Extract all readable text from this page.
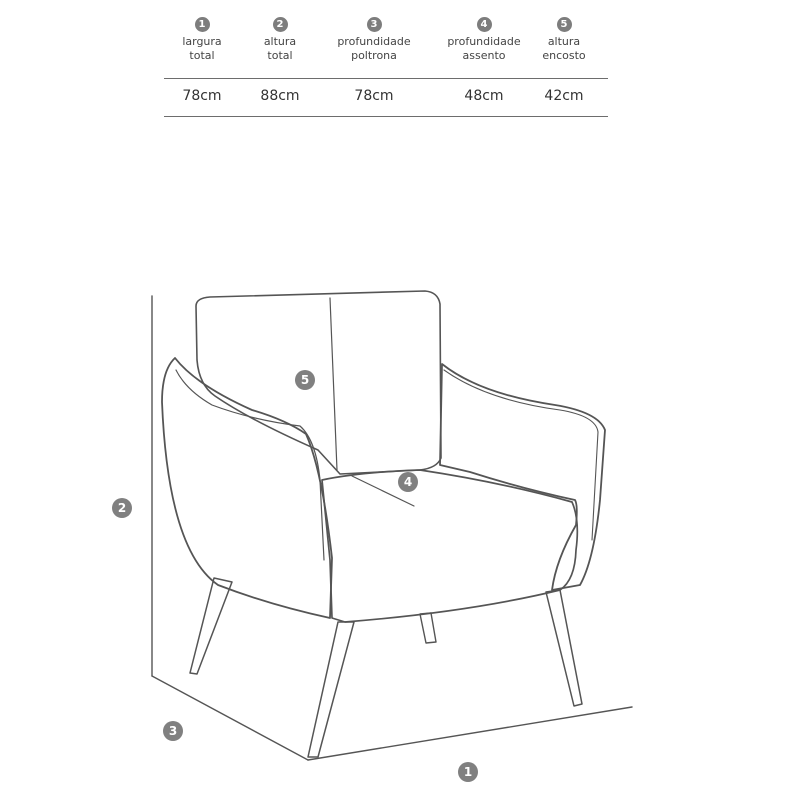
1
largura
total
78cm
2
altura
total
88cm
3
profundidade
poltrona
78cm
4
profundidade
assento
48cm
5
altura
encosto
42cm
1
2
3
4
5
